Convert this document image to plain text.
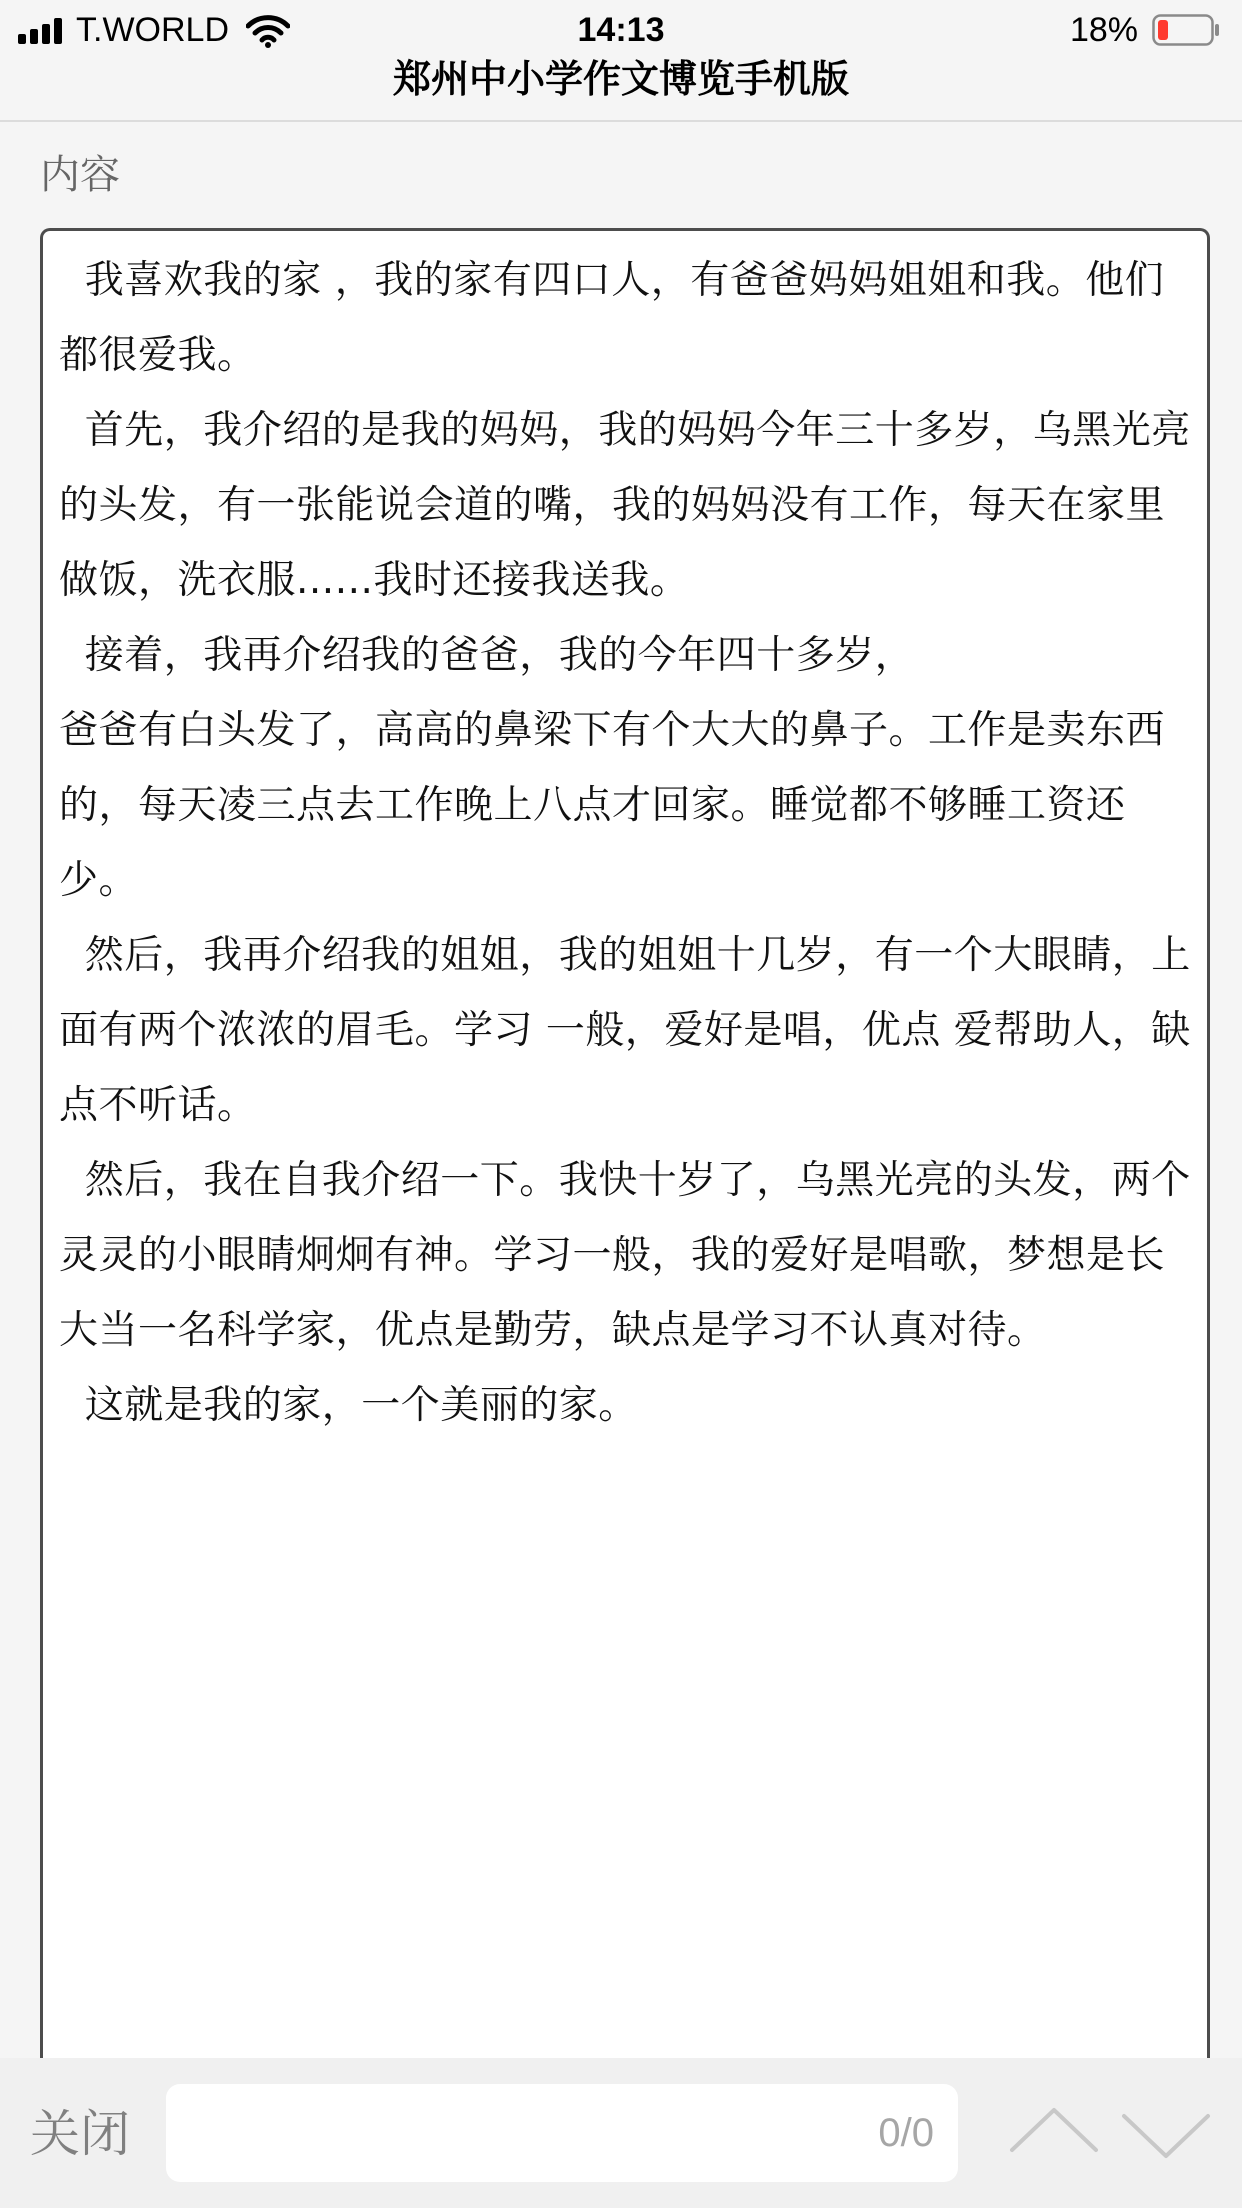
T.WORLD	14:13	18%
郑州中小学作文博览手机版
内容

我喜欢我的家 ，我的家有四口人，有爸爸妈妈姐姐和我。他们都很爱我。

首先，我介绍的是我的妈妈，我的妈妈今年三十多岁，乌黑光亮的头发，有一张能说会道的嘴，我的妈妈没有工作，每天在家里做饭，洗衣服......我时还接我送我。

接着，我再介绍我的爸爸，我的今年四十多岁，

爸爸有白头发了，高高的鼻梁下有个大大的鼻子。工作是卖东西的，每天凌三点去工作晚上八点才回家。睡觉都不够睡工资还少。

然后，我再介绍我的姐姐，我的姐姐十几岁，有一个大眼睛，上面有两个浓浓的眉毛。学习 一般，爱好是唱，优点 爱帮助人，缺点不听话。

然后，我在自我介绍一下。我快十岁了，乌黑光亮的头发，两个灵灵的小眼睛炯炯有神。学习一般，我的爱好是唱歌，梦想是长大当一名科学家，优点是勤劳，缺点是学习不认真对待。

这就是我的家，一个美丽的家。

关闭	0/0
